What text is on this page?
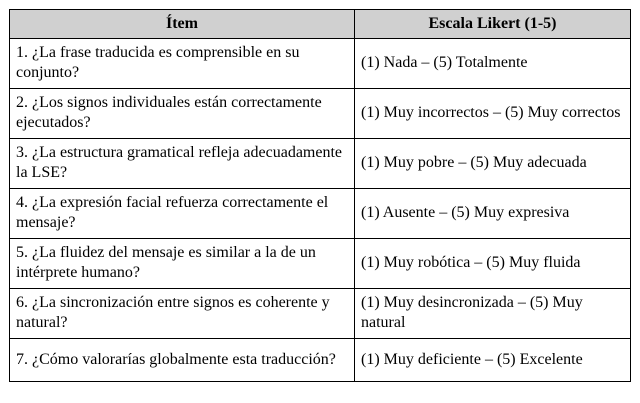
Ítem	Escala Likert (1-5)
1. ¿La frase traducida es comprensible en su conjunto?	(1) Nada – (5) Totalmente
2. ¿Los signos individuales están correctamente ejecutados?	(1) Muy incorrectos – (5) Muy correctos
3. ¿La estructura gramatical refleja adecuadamente la LSE?	(1) Muy pobre – (5) Muy adecuada
4. ¿La expresión facial refuerza correctamente el mensaje?	(1) Ausente – (5) Muy expresiva
5. ¿La fluidez del mensaje es similar a la de un intérprete humano?	(1) Muy robótica – (5) Muy fluida
6. ¿La sincronización entre signos es coherente y natural?	(1) Muy desincronizada – (5) Muy natural
7. ¿Cómo valorarías globalmente esta traducción?	(1) Muy deficiente – (5) Excelente
